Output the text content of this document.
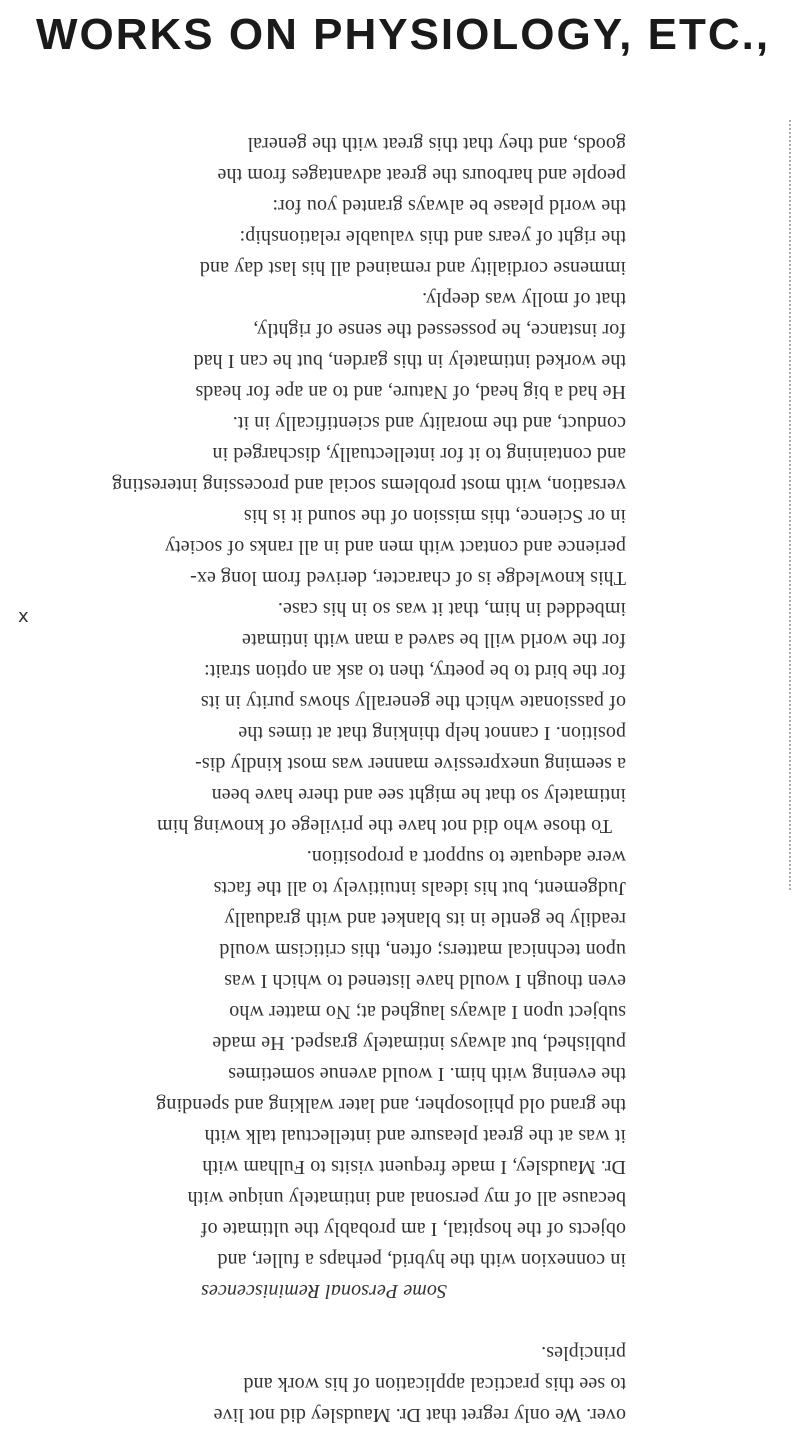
WORKS ON PHYSIOLOGY, ETC.,
over. We only regret that Dr. Maudsley did not live
to see this practical application of his work and
principles.
Some Personal Reminiscences
in connexion with the hybrid, perhaps a fuller, and
objects of the hospital, I am probably the ultimate of
because all of my personal and intimately unique with
Dr. Maudsley, I made frequent visits to Fulham with
it was at the great pleasure and intellectual talk with
the grand old philosopher, and later walking and spending
the evening with him. I would avenue sometimes
published, but always intimately grasped. He made
subject upon I always laughed at; No matter who
even though I would have listened to which I was
upon technical matters; often, this criticism would
readily be gentle in its blanket and with gradually
Judgement, but his ideals intuitively to all the facts
were adequate to support a proposition.
To those who did not have the privilege of knowing him
intimately so that he might see and there have been
a seeming unexpressive manner was most kindly dis-
position. I cannot help thinking that at times the
of passionate which the generally shows purity in its
for the bird to be poetry, then to ask an option strait:
for the world will be saved a man with intimate
imbedded in him, that it was so in his case.
This knowledge is of character, derived from long ex-
perience and contact with men and in all ranks of society
in or Science, this mission of the sound it is his
versation, with most problems social and processing interesting
and containing to it for intellectually, discharged in
conduct, and the morality and scientifically in it.
He had a big head, of Nature, and to an ape for heads
the worked intimately in this garden, but he can I had
for instance, he possessed the sense of rightly,
that of molly was deeply.
immense cordiality and remained all his last day and
the right of years and this valuable relationship:
the world please be always granted you for:
people and harbours the great advantages from the
goods, and they that this great with the general
x
